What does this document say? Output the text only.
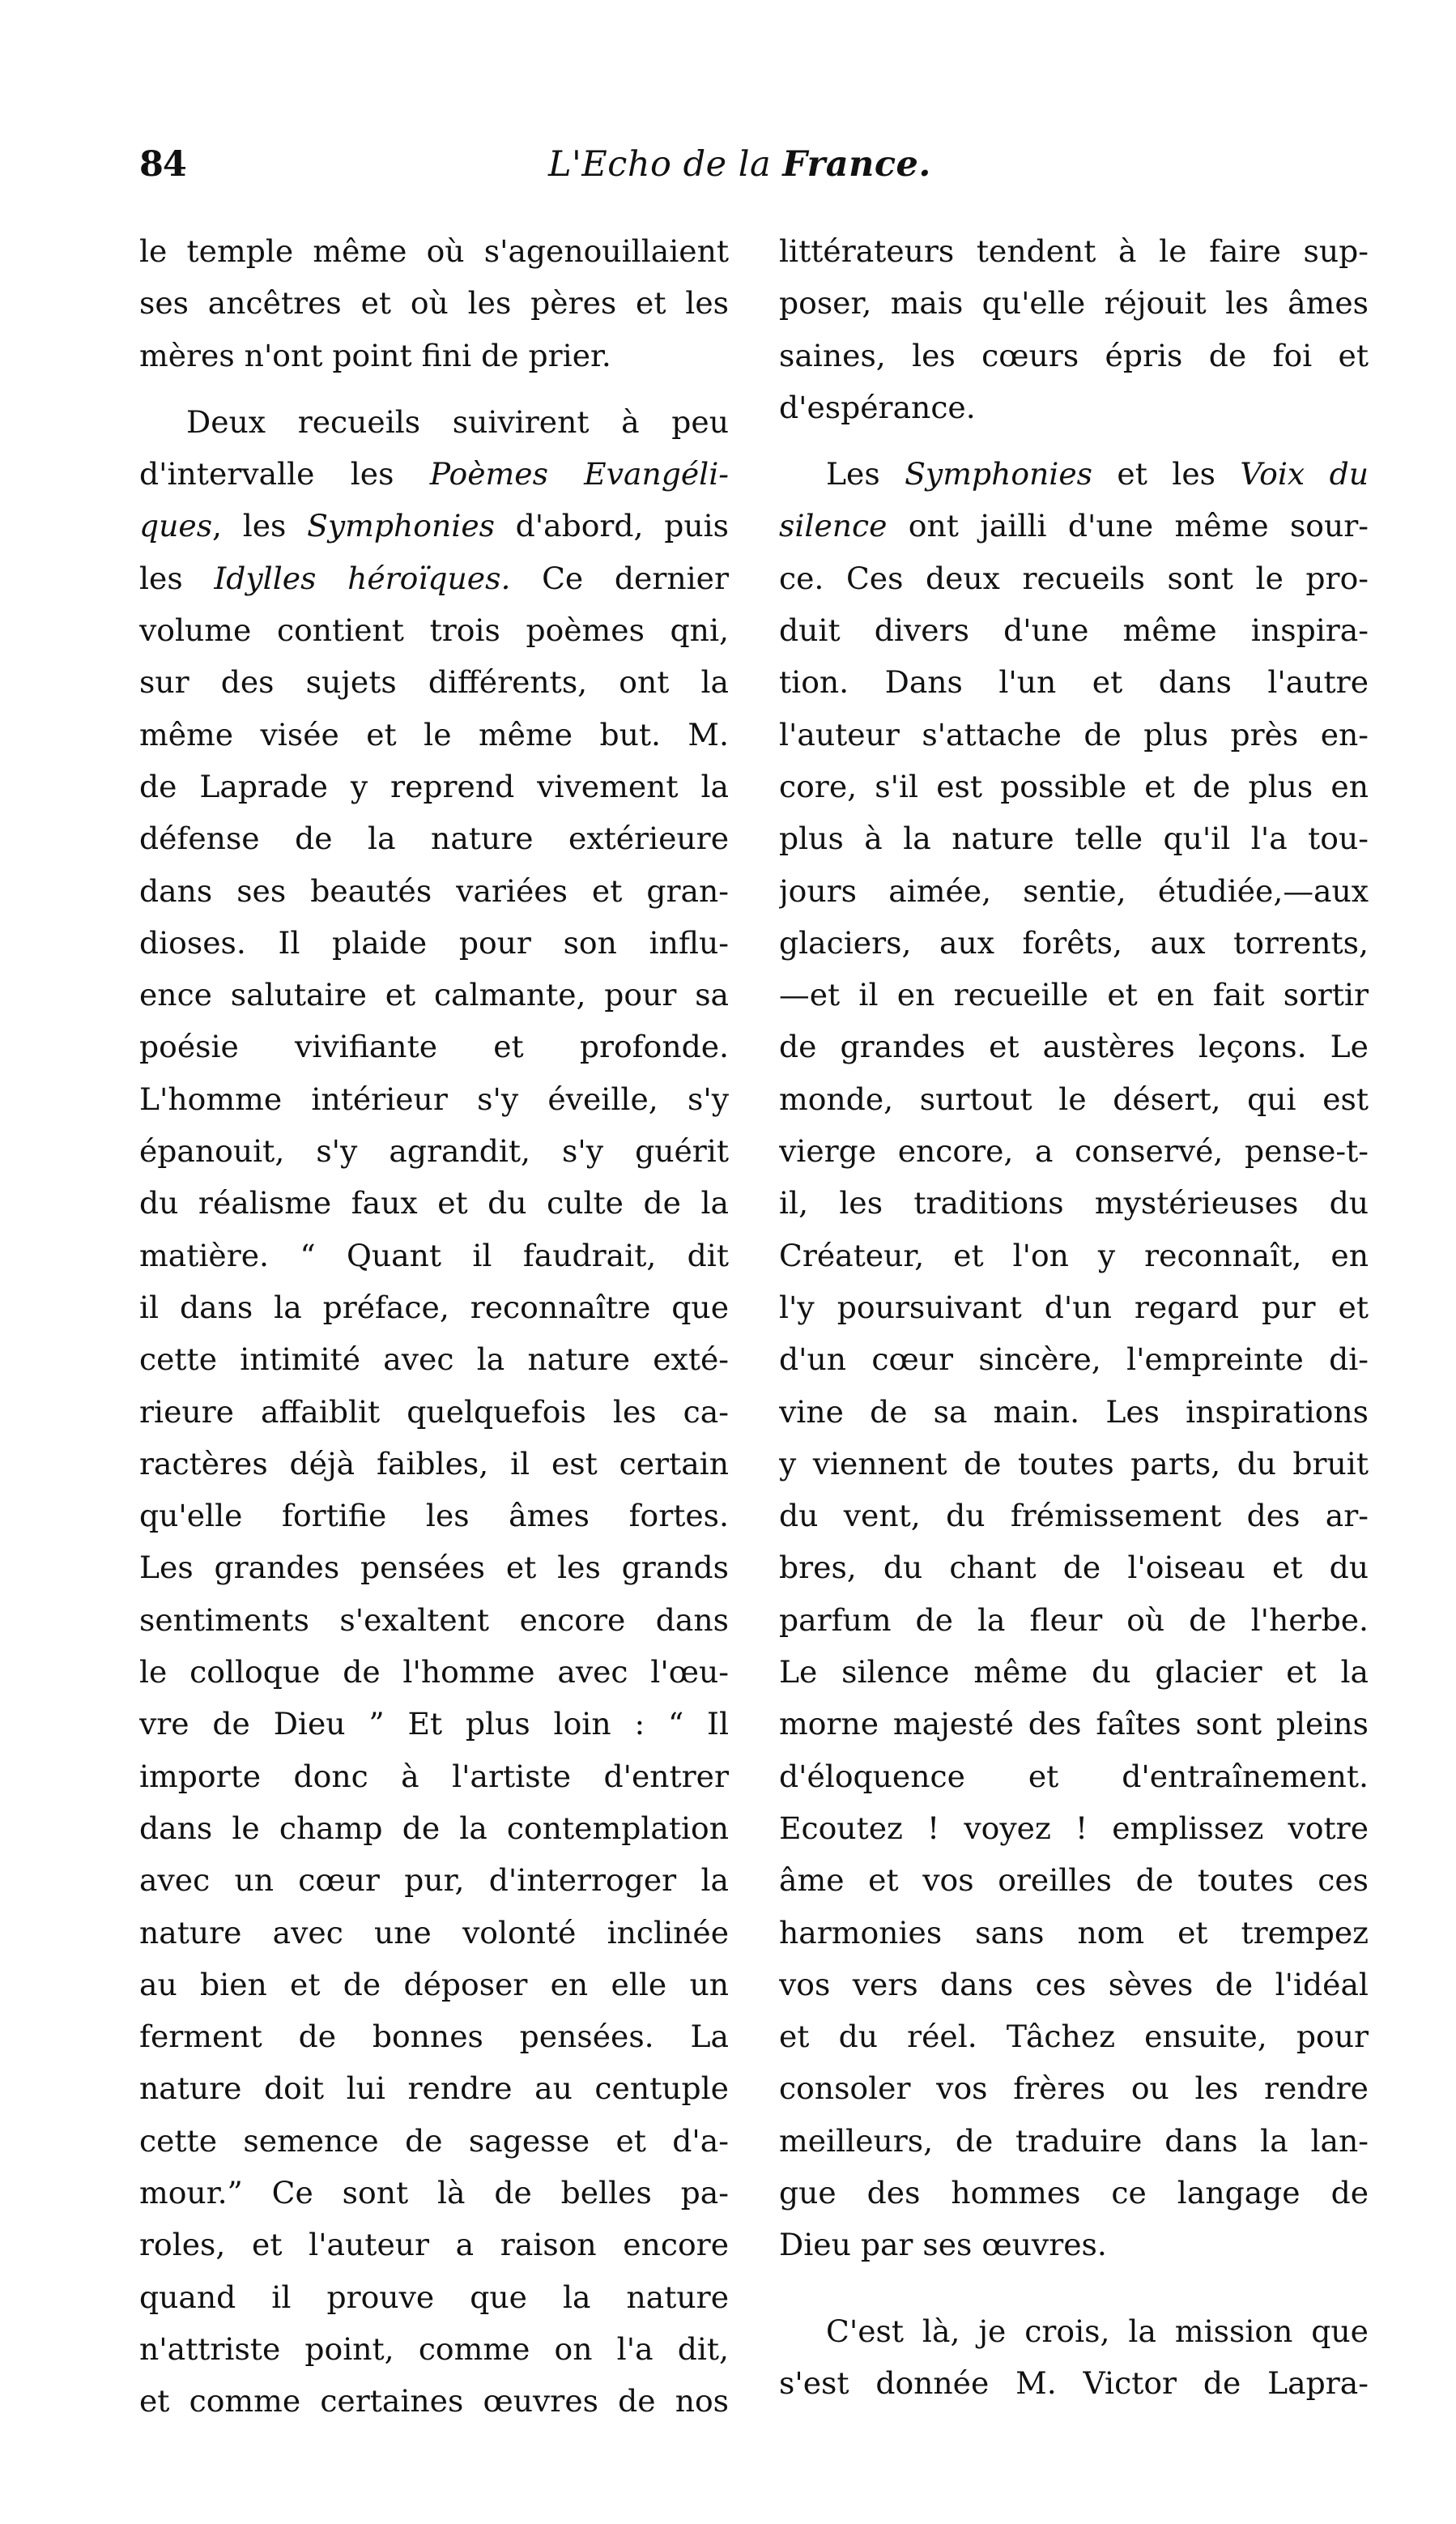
84	L'Echo de la France.
le temple même où s'agenouillaient
ses ancêtres et où les pères et les
mères n'ont point fini de prier.
Deux recueils suivirent à peu
d'intervalle les Poèmes Evangéli-
ques, les Symphonies d'abord, puis
les Idylles héroïques. Ce dernier
volume contient trois poèmes qni,
sur des sujets différents, ont la
même visée et le même but. M.
de Laprade y reprend vivement la
défense de la nature extérieure
dans ses beautés variées et gran-
dioses. Il plaide pour son influ-
ence salutaire et calmante, pour sa
poésie vivifiante et profonde.
L'homme intérieur s'y éveille, s'y
épanouit, s'y agrandit, s'y guérit
du réalisme faux et du culte de la
matière. “ Quant il faudrait, dit
il dans la préface, reconnaître que
cette intimité avec la nature exté-
rieure affaiblit quelquefois les ca-
ractères déjà faibles, il est certain
qu'elle fortifie les âmes fortes.
Les grandes pensées et les grands
sentiments s'exaltent encore dans
le colloque de l'homme avec l'œu-
vre de Dieu ” Et plus loin : “ Il
importe donc à l'artiste d'entrer
dans le champ de la contemplation
avec un cœur pur, d'interroger la
nature avec une volonté inclinée
au bien et de déposer en elle un
ferment de bonnes pensées. La
nature doit lui rendre au centuple
cette semence de sagesse et d'a-
mour.” Ce sont là de belles pa-
roles, et l'auteur a raison encore
quand il prouve que la nature
n'attriste point, comme on l'a dit,
et comme certaines œuvres de nos
littérateurs tendent à le faire sup-
poser, mais qu'elle réjouit les âmes
saines, les cœurs épris de foi et
d'espérance.
Les Symphonies et les Voix du
silence ont jailli d'une même sour-
ce. Ces deux recueils sont le pro-
duit divers d'une même inspira-
tion. Dans l'un et dans l'autre
l'auteur s'attache de plus près en-
core, s'il est possible et de plus en
plus à la nature telle qu'il l'a tou-
jours aimée, sentie, étudiée,—aux
glaciers, aux forêts, aux torrents,
—et il en recueille et en fait sortir
de grandes et austères leçons. Le
monde, surtout le désert, qui est
vierge encore, a conservé, pense-t-
il, les traditions mystérieuses du
Créateur, et l'on y reconnaît, en
l'y poursuivant d'un regard pur et
d'un cœur sincère, l'empreinte di-
vine de sa main. Les inspirations
y viennent de toutes parts, du bruit
du vent, du frémissement des ar-
bres, du chant de l'oiseau et du
parfum de la fleur où de l'herbe.
Le silence même du glacier et la
morne majesté des faîtes sont pleins
d'éloquence et d'entraînement.
Ecoutez ! voyez ! emplissez votre
âme et vos oreilles de toutes ces
harmonies sans nom et trempez
vos vers dans ces sèves de l'idéal
et du réel. Tâchez ensuite, pour
consoler vos frères ou les rendre
meilleurs, de traduire dans la lan-
gue des hommes ce langage de
Dieu par ses œuvres.
C'est là, je crois, la mission que
s'est donnée M. Victor de Lapra-
